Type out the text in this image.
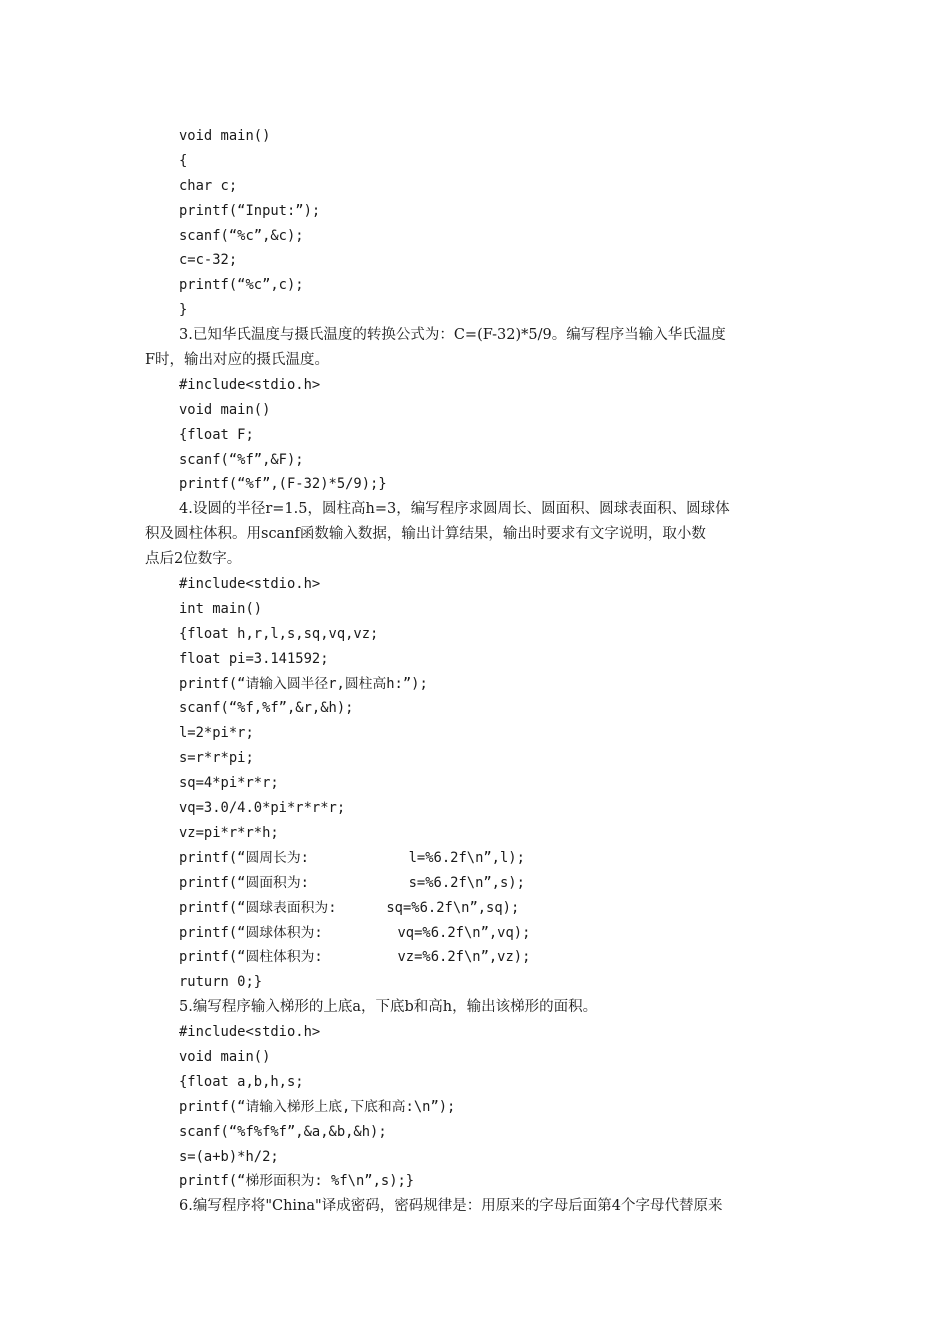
void main()
{
char c;
printf(“Input:”);
scanf(“%c”,&c);
c=c-32;
printf(“%c”,c);
}
3.已知华氏温度与摄氏温度的转换公式为：C=(F-32)*5/9。编写程序当输入华氏温度
F时，输出对应的摄氏温度。
#include<stdio.h>
void main()
{float F;
scanf(“%f”,&F);
printf(“%f”,(F-32)*5/9);}
4.设圆的半径r=1.5，圆柱高h=3，编写程序求圆周长、圆面积、圆球表面积、圆球体
积及圆柱体积。用scanf函数输入数据，输出计算结果，输出时要求有文字说明，取小数
点后2位数字。
#include<stdio.h>
int main()
{float h,r,l,s,sq,vq,vz;
float pi=3.141592;
printf(“请输入圆半径r,圆柱高h:”);
scanf(“%f,%f”,&r,&h);
l=2*pi*r;
s=r*r*pi;
sq=4*pi*r*r;
vq=3.0/4.0*pi*r*r*r;
vz=pi*r*r*h;
printf(“圆周长为:            l=%6.2f\n”,l);
printf(“圆面积为:            s=%6.2f\n”,s);
printf(“圆球表面积为:      sq=%6.2f\n”,sq);
printf(“圆球体积为:         vq=%6.2f\n”,vq);
printf(“圆柱体积为:         vz=%6.2f\n”,vz);
ruturn 0;}
5.编写程序输入梯形的上底a，下底b和高h，输出该梯形的面积。
#include<stdio.h>
void main()
{float a,b,h,s;
printf(“请输入梯形上底,下底和高:\n”);
scanf(“%f%f%f”,&a,&b,&h);
s=(a+b)*h/2;
printf(“梯形面积为: %f\n”,s);}
6.编写程序将"China"译成密码，密码规律是：用原来的字母后面第4个字母代替原来
